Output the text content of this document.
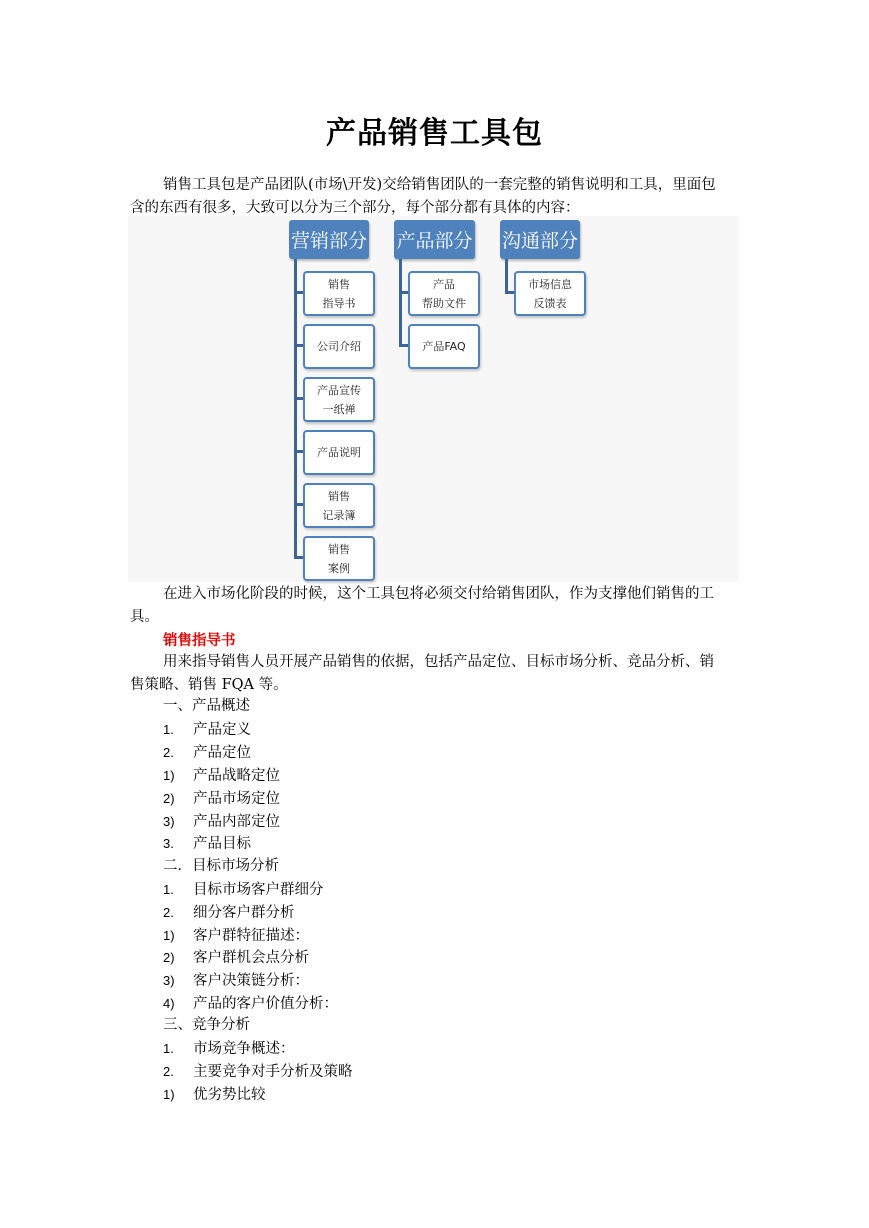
产品销售工具包
销售工具包是产品团队(市场\开发)交给销售团队的一套完整的销售说明和工具，里面包
含的东西有很多，大致可以分为三个部分，每个部分都有具体的内容：
营销部分
销售
指导书
公司介绍
产品宣传
一纸禅
产品说明
销售
记录簿
销售
案例
产品部分
产品
帮助文件
产品FAQ
沟通部分
市场信息
反馈表
在进入市场化阶段的时候，这个工具包将必须交付给销售团队，作为支撑他们销售的工
具。
销售指导书
用来指导销售人员开展产品销售的依据，包括产品定位、目标市场分析、竞品分析、销
售策略、销售 FQA 等。
一、产品概述
1. 产品定义
2. 产品定位
1) 产品战略定位
2) 产品市场定位
3) 产品内部定位
3. 产品目标
二．目标市场分析
1. 目标市场客户群细分
2. 细分客户群分析
1) 客户群特征描述：
2) 客户群机会点分析
3) 客户决策链分析：
4) 产品的客户价值分析：
三、竞争分析
1. 市场竞争概述：
2. 主要竞争对手分析及策略
1) 优劣势比较
